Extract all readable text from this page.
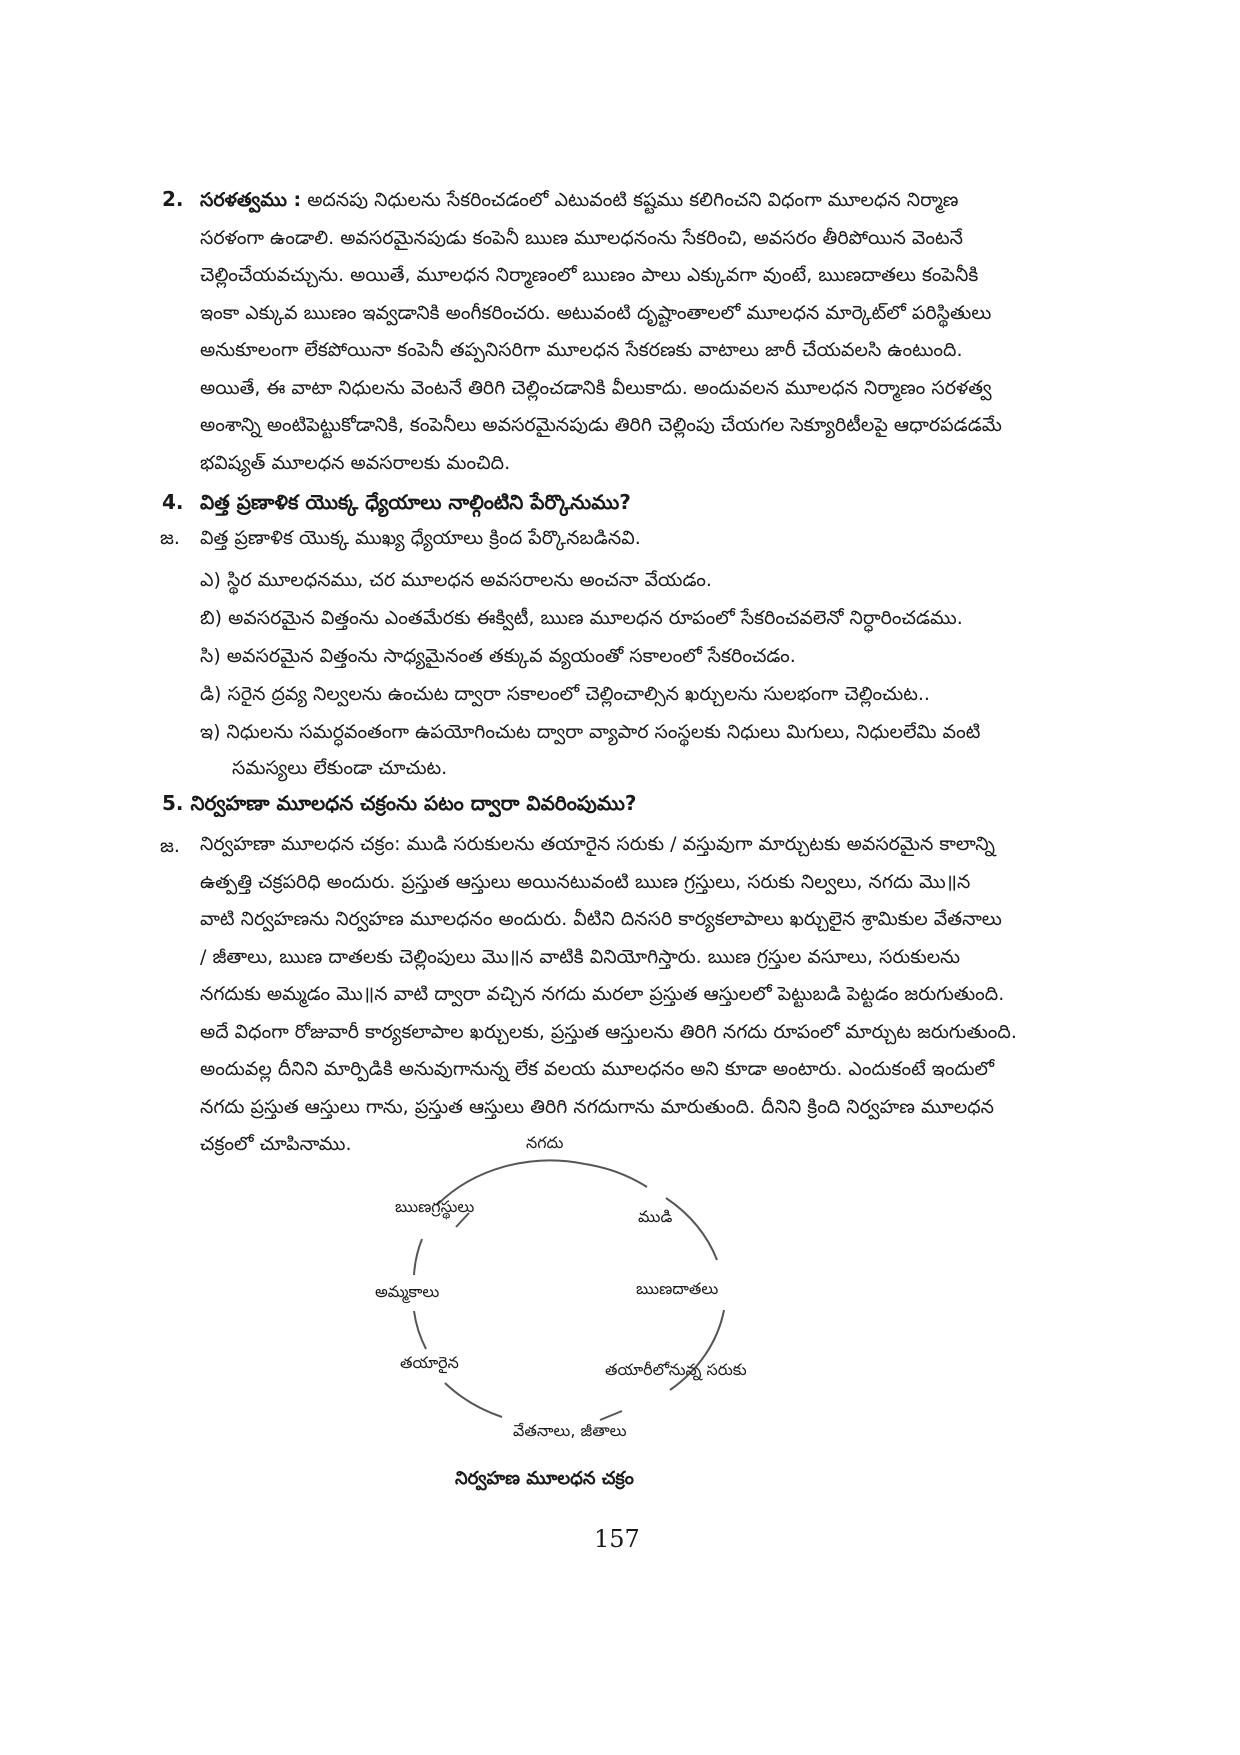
2. సరళత్వము : అదనపు నిధులను సేకరించడంలో ఎటువంటి కష్టము కలిగించని విధంగా మూలధన నిర్మాణ
సరళంగా ఉండాలి. అవసరమైనపుడు కంపెనీ ఋణ మూలధనంను సేకరించి, అవసరం తీరిపోయిన వెంటనే
చెల్లించేయవచ్చును. అయితే, మూలధన నిర్మాణంలో ఋణం పాలు ఎక్కువగా వుంటే, ఋణదాతలు కంపెనీకి
ఇంకా ఎక్కువ ఋణం ఇవ్వడానికి అంగీకరించరు. అటువంటి దృష్టాంతాలలో మూలధన మార్కెట్‌లో పరిస్థితులు
అనుకూలంగా లేకపోయినా కంపెనీ తప్పనిసరిగా మూలధన సేకరణకు వాటాలు జారీ చేయవలసి ఉంటుంది.
అయితే, ఈ వాటా నిధులను వెంటనే తిరిగి చెల్లించడానికి వీలుకాదు. అందువలన మూలధన నిర్మాణం సరళత్వ
అంశాన్ని అంటిపెట్టుకోడానికి, కంపెనీలు అవసరమైనపుడు తిరిగి చెల్లింపు చేయగల సెక్యూరిటీలపై ఆధారపడడమే
భవిష్యత్ మూలధన అవసరాలకు మంచిది.
4. విత్త ప్రణాళిక యొక్క ధ్యేయాలు నాల్గింటిని పేర్కొనుము?
జ. విత్త ప్రణాళిక యొక్క ముఖ్య ధ్యేయాలు క్రింద పేర్కొనబడినవి.
ఎ) స్థిర మూలధనము, చర మూలధన అవసరాలను అంచనా వేయడం.
బి) అవసరమైన విత్తంను ఎంతమేరకు ఈక్విటీ, ఋణ మూలధన రూపంలో సేకరించవలెనో నిర్ధారించడము.
సి) అవసరమైన విత్తంను సాధ్యమైనంత తక్కువ వ్యయంతో సకాలంలో సేకరించడం.
డి) సరైన ద్రవ్య నిల్వలను ఉంచుట ద్వారా సకాలంలో చెల్లించాల్సిన ఖర్చులను సులభంగా చెల్లించుట..
ఇ) నిధులను సమర్ధవంతంగా ఉపయోగించుట ద్వారా వ్యాపార సంస్థలకు నిధులు మిగులు, నిధులలేమి వంటి
సమస్యలు లేకుండా చూచుట.
5. నిర్వహణా మూలధన చక్రంను పటం ద్వారా వివరింపుము?
జ. నిర్వహణా మూలధన చక్రం: ముడి సరుకులను తయారైన సరుకు / వస్తువుగా మార్చుటకు అవసరమైన కాలాన్ని
ఉత్పత్తి చక్రపరిధి అందురు. ప్రస్తుత ఆస్తులు అయినటువంటి ఋణ గ్రస్తులు, సరుకు నిల్వలు, నగదు మొ॥న
వాటి నిర్వహణను నిర్వహణ మూలధనం అందురు. వీటిని దినసరి కార్యకలాపాలు ఖర్చులైన శ్రామికుల వేతనాలు
/ జీతాలు, ఋణ దాతలకు చెల్లింపులు మొ॥న వాటికి వినియోగిస్తారు. ఋణ గ్రస్తుల వసూలు, సరుకులను
నగదుకు అమ్మడం మొ॥న వాటి ద్వారా వచ్చిన నగదు మరలా ప్రస్తుత ఆస్తులలో పెట్టుబడి పెట్టడం జరుగుతుంది.
అదే విధంగా రోజువారీ కార్యకలాపాల ఖర్చులకు, ప్రస్తుత ఆస్తులను తిరిగి నగదు రూపంలో మార్చుట జరుగుతుంది.
అందువల్ల దీనిని మార్పిడికి అనువుగానున్న లేక వలయ మూలధనం అని కూడా అంటారు. ఎందుకంటే ఇందులో
నగదు ప్రస్తుత ఆస్తులు గాను, ప్రస్తుత ఆస్తులు తిరిగి నగదుగాను మారుతుంది. దీనిని క్రింది నిర్వహణ మూలధన
చక్రంలో చూపినాము.	నగదు
ముడి
ఋణదాతలు
తయారీలోనున్న సరుకు
వేతనాలు, జీతాలు
తయారైన
అమ్మకాలు
ఋణగ్రస్థులు
నిర్వహణ మూలధన చక్రం
157
